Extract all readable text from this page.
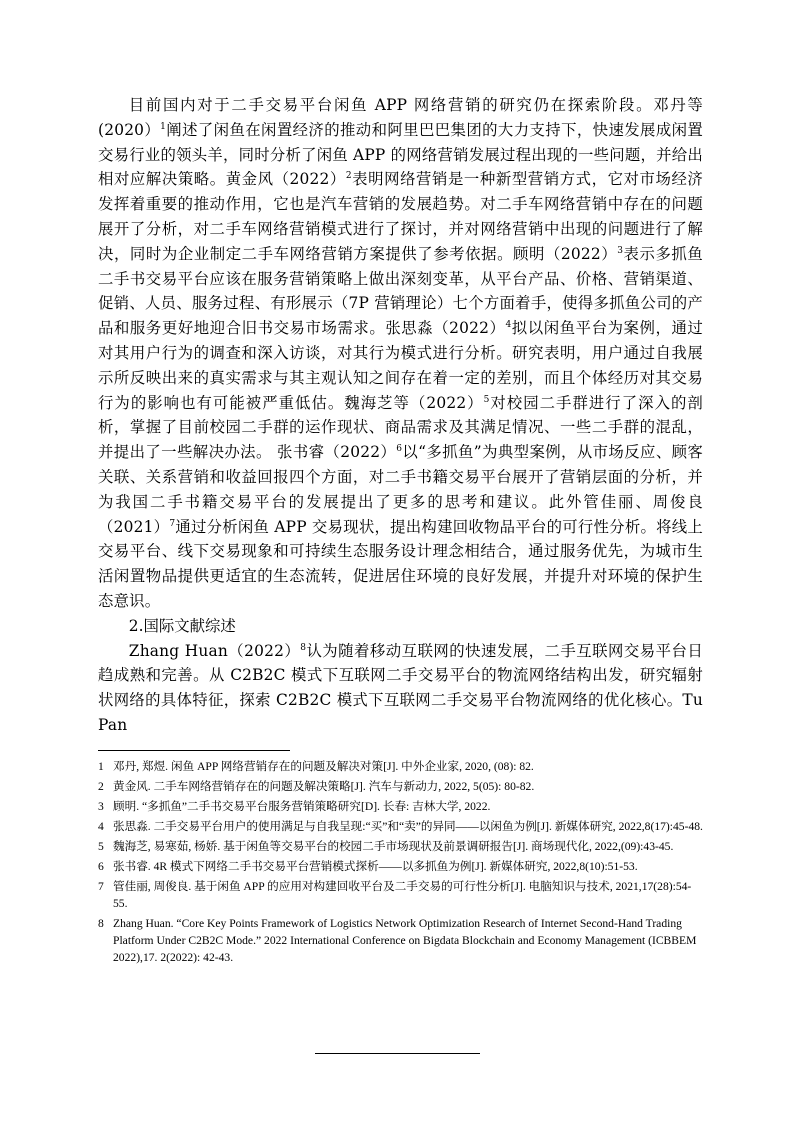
目前国内对于二手交易平台闲鱼 APP 网络营销的研究仍在探索阶段。邓丹等(2020）$^1$阐述了闲鱼在闲置经济的推动和阿里巴巴集团的大力支持下，快速发展成闲置交易行业的领头羊，同时分析了闲鱼 APP 的网络营销发展过程出现的一些问题，并给出相对应解决策略。黄金风$(2022)^2$表明网络营销是一种新型营销方式，它对市场经济发挥着重要的推动作用，它也是汽车营销的发展趋势。对二手车网络营销中存在的问题展开了分析，对二手车网络营销模式进行了探讨，并对网络营销中出现的问题进行了解决，同时为企业制定二手车网络营销方案提供了参考依据。顾明$(2022)^3$表示多抓鱼二手书交易平台应该在服务营销策略上做出深刻变革，从平台产品、价格、营销渠道、促销、人员、服务过程、有形展示（7P 营销理论）七个方面着手，使得多抓鱼公司的产品和服务更好地迎合旧书交易市场需求。张思淼$(2022)^4$拟以闲鱼平台为案例，通过对其用户行为的调查和深入访谈，对其行为模式进行分析。研究表明，用户通过自我展示所反映出来的真实需求与其主观认知之间存在着一定的差别，而且个体经历对其交易行为的影响也有可能被严重低估。魏海芝等$(2022)^5$对校园二手群进行了深入的剖析，掌握了目前校园二手群的运作现状、商品需求及其满足情况、一些二手群的混乱，并提出了一些解决办法。 张书睿$(2022)^6$以“多抓鱼”为典型案例，从市场反应、顾客关联、关系营销和收益回报四个方面，对二手书籍交易平台展开了营销层面的分析，并为我国二手书籍交易平台的发展提出了更多的思考和建议。此外管佳丽、周俊良$(2021)^7$通过分析闲鱼 APP 交易现状，提出构建回收物品平台的可行性分析。将线上交易平台、线下交易现象和可持续生态服务设计理念相结合，通过服务优先，为城市生活闲置物品提供更适宜的生态流转，促进居住环境的良好发展，并提升对环境的保护生态意识。

2.国际文献综述

Zhang $Huan(2022)^8$认为随着移动互联网的快速发展，二手互联网交易平台日趋成熟和完善。从 C2B2C 模式下互联网二手交易平台的物流网络结构出发，研究辐射状网络的具体特征，探索 C2B2C 模式下互联网二手交易平台物流网络的优化核心。Tu Pan

1 邓丹, 郑煜. 闲鱼 APP 网络营销存在的问题及解决对策[J]. 中外企业家, 2020, (08): 82.
2 黄金风. 二手车网络营销存在的问题及解决策略[J]. 汽车与新动力, 2022, 5(05): 80-82.
3 顾明. “多抓鱼”二手书交易平台服务营销策略研究[D]. 长春: 吉林大学, 2022.
4 张思淼. 二手交易平台用户的使用满足与自我呈现:“买”和“卖”的异同——以闲鱼为例[J]. 新媒体研究, 2022,8(17):45-48.
5 魏海芝, 易寒茹, 杨娇. 基于闲鱼等交易平台的校园二手市场现状及前景调研报告[J]. 商场现代化, 2022,(09):43-45.
6 张书睿. 4R 模式下网络二手书交易平台营销模式探析——以多抓鱼为例[J]. 新媒体研究, 2022,8(10):51-53.
7 管佳丽, 周俊良. 基于闲鱼 APP 的应用对构建回收平台及二手交易的可行性分析[J]. 电脑知识与技术, 2021,17(28):54-55.
8 Zhang Huan. “Core Key Points Framework of Logistics Network Optimization Research of Internet Second-Hand Trading Platform Under C2B2C Mode.” 2022 International Conference on Bigdata Blockchain and Economy Management (ICBBEM 2022),17. 2(2022): 42-43.
